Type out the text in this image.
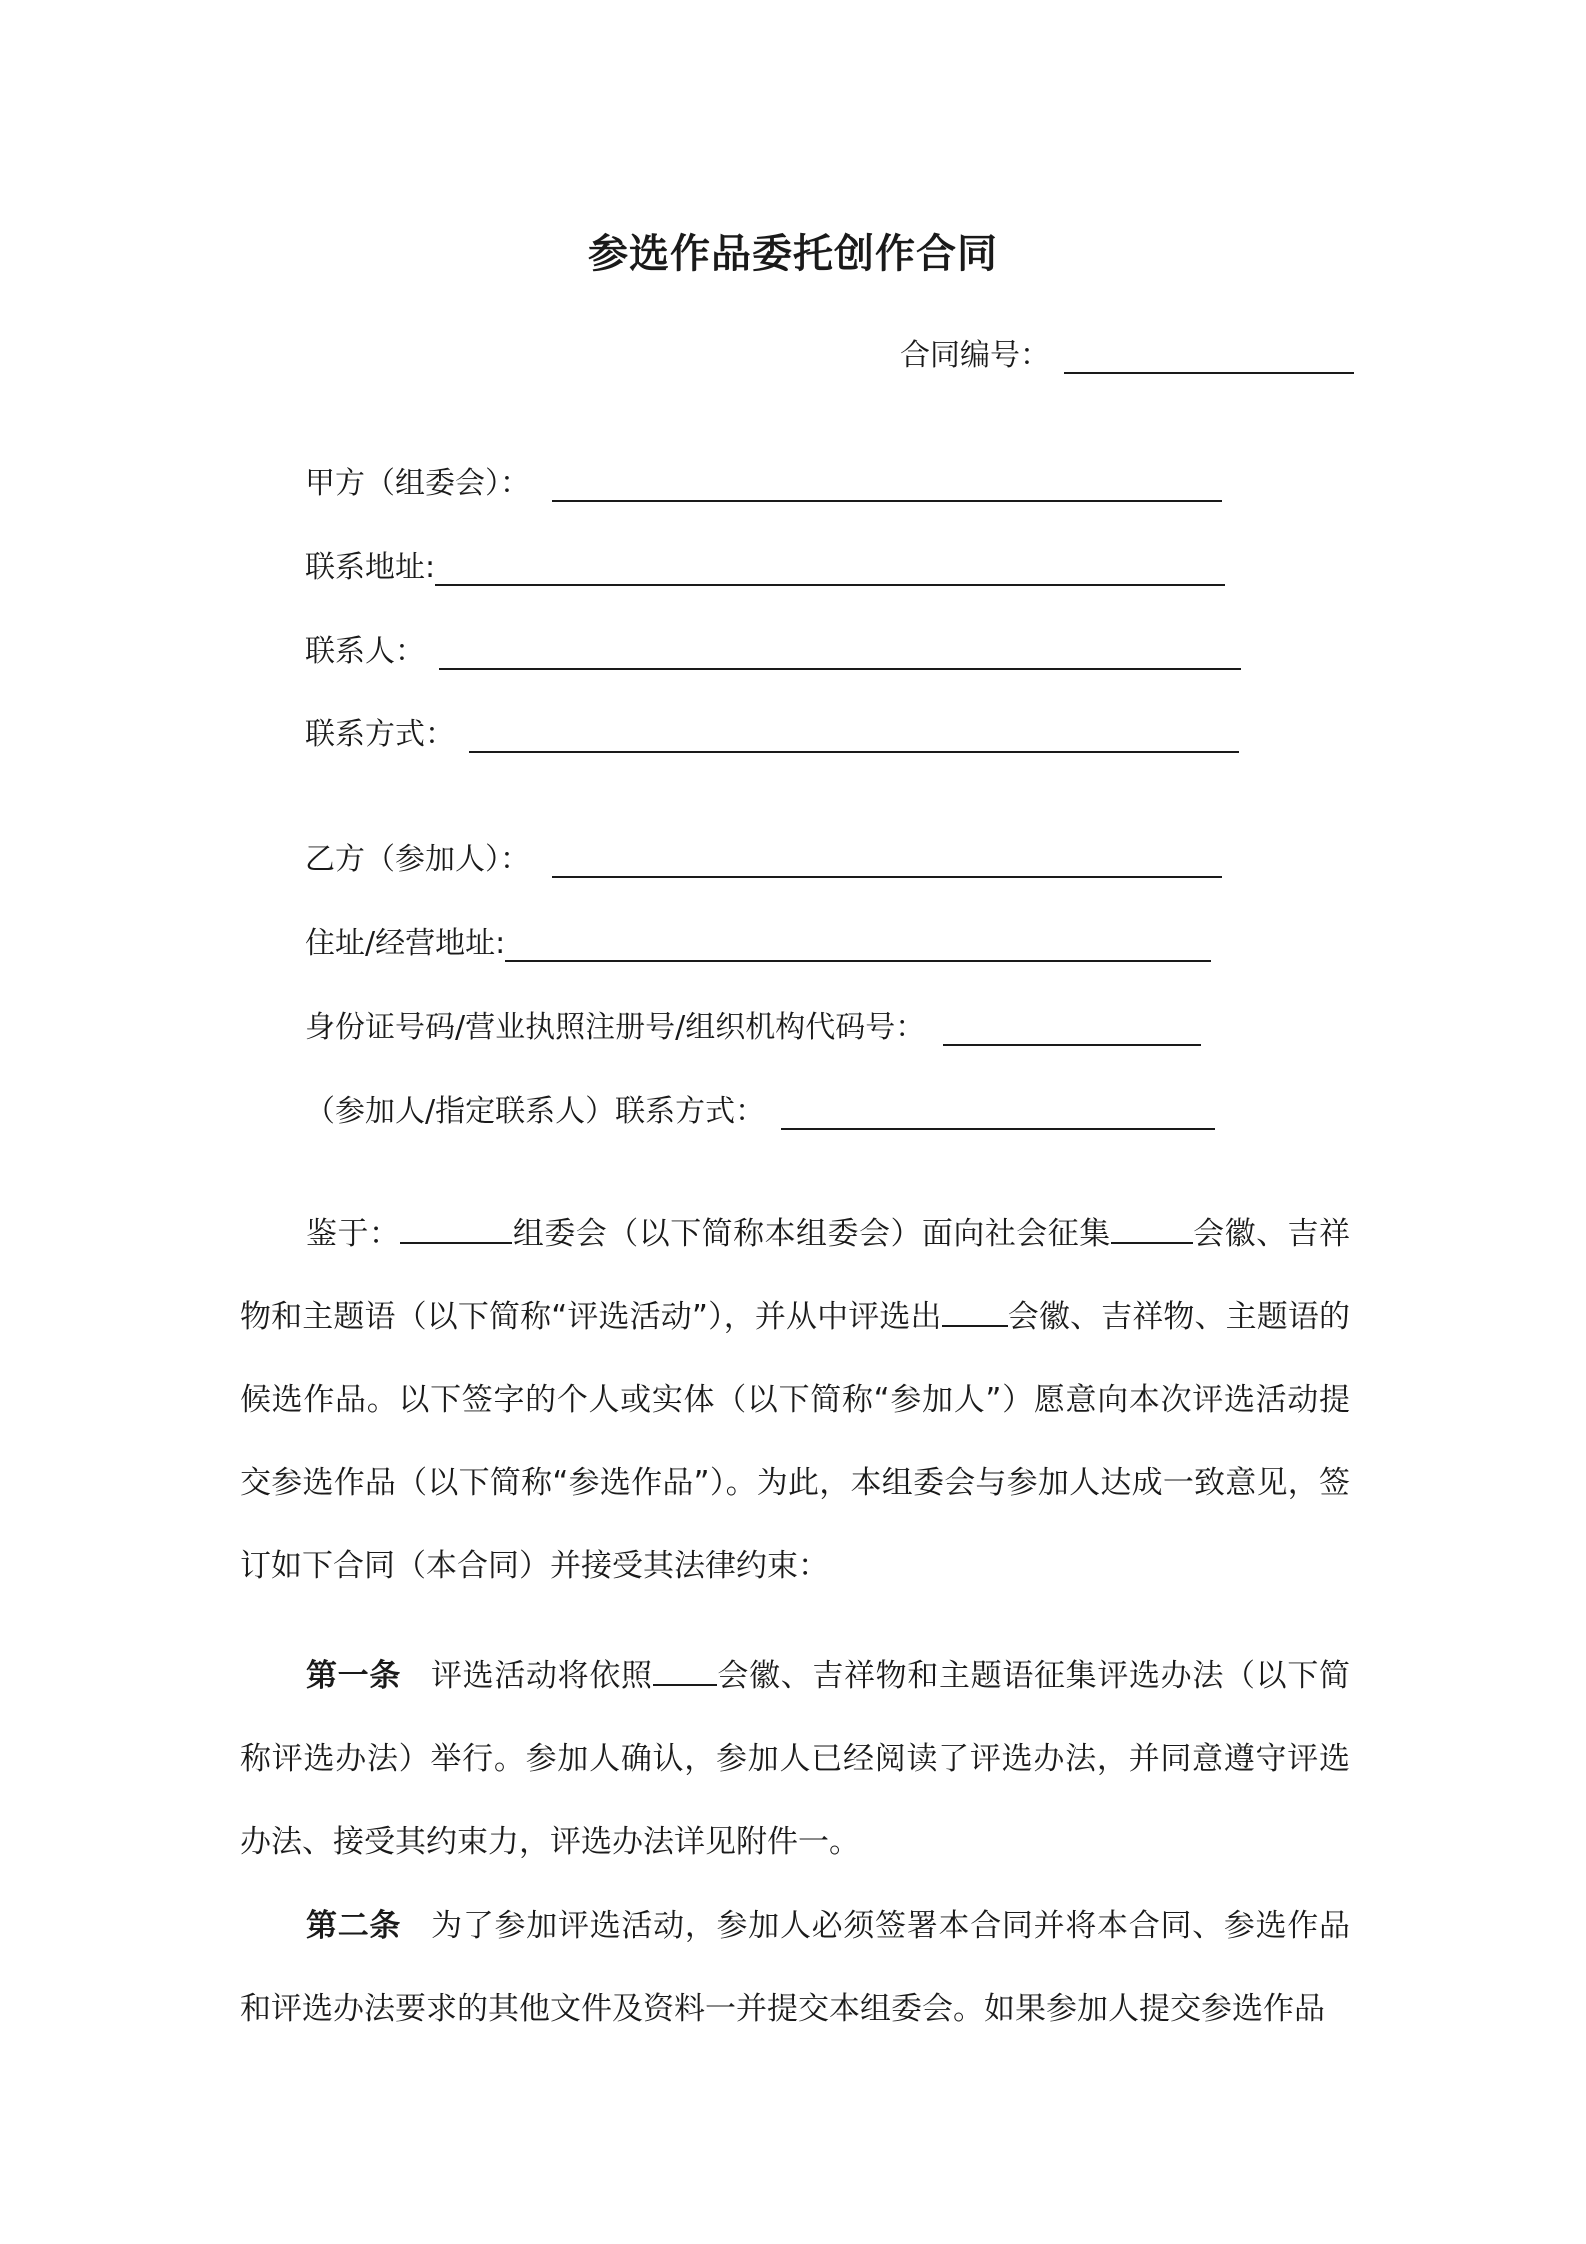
参选作品委托创作合同
合同编号：
甲方（组委会）：
联系地址:
联系人：
联系方式：
乙方（参加人）：
住址/经营地址:
身份证号码/营业执照注册号/组织机构代码号：
（参加人/指定联系人）联系方式：

鉴于：	组委会（以下简称本组委会）面向社会征集	会徽、吉祥物和主题语（以下简称“评选活动”），并从中评选出 会徽、吉祥物、主题语的候选作品。以下签字的个人或实体（以下简称“参加人”）愿意向本次评选活动提交参选作品（以下简称“参选作品”）。为此，本组委会与参加人达成一致意见，签订如下合同（本合同）并接受其法律约束：

第一条 评选活动将依照 会徽、吉祥物和主题语征集评选办法（以下简称评选办法）举行。参加人确认，参加人已经阅读了评选办法，并同意遵守评选办法、接受其约束力，评选办法详见附件一。

第二条 为了参加评选活动，参加人必须签署本合同并将本合同、参选作品和评选办法要求的其他文件及资料一并提交本组委会。如果参加人提交参选作品
